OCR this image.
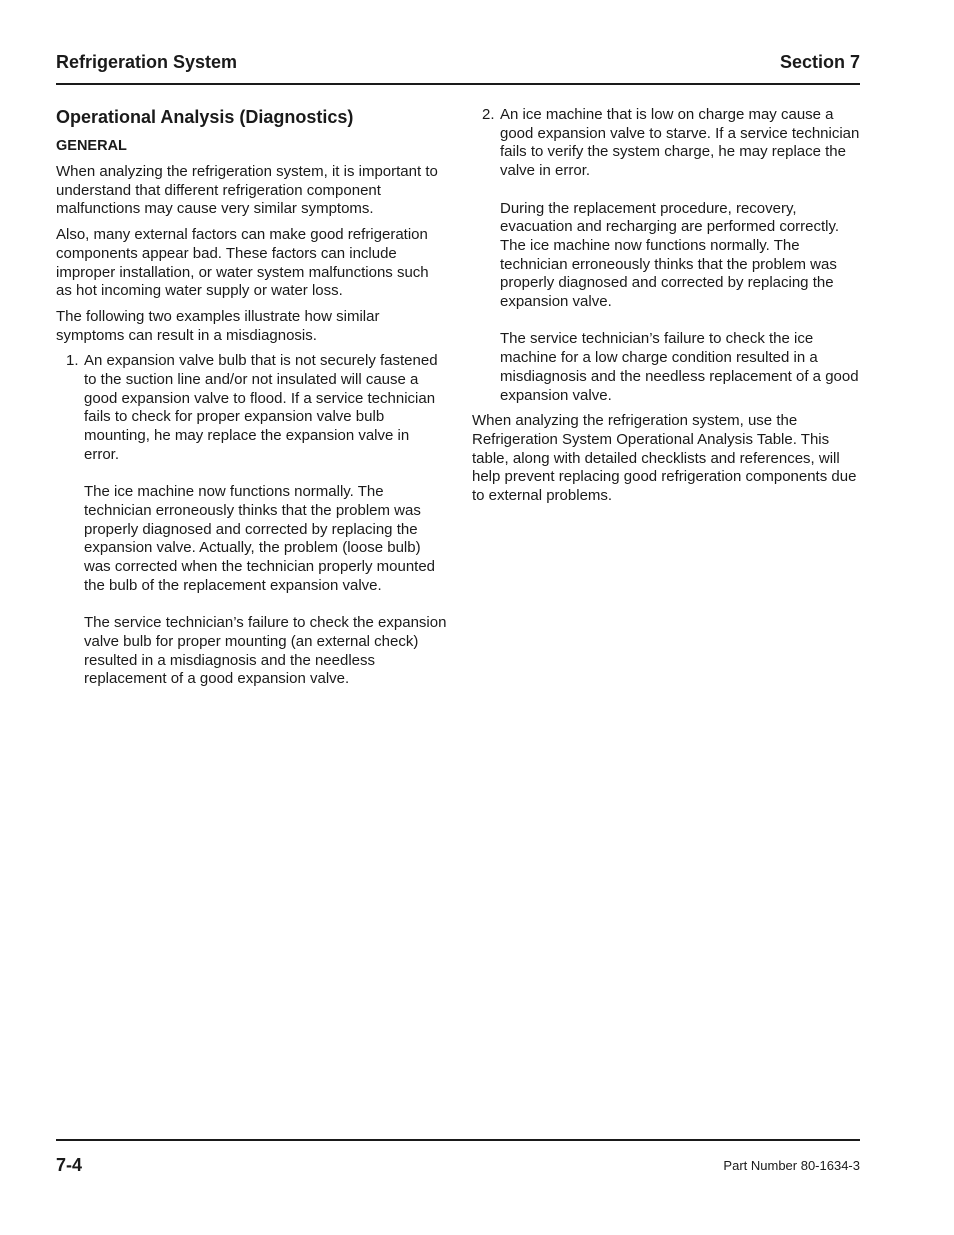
Refrigeration System	Section 7
Operational Analysis (Diagnostics)
GENERAL

When analyzing the refrigeration system, it is important to understand that different refrigeration component malfunctions may cause very similar symptoms.

Also, many external factors can make good refrigeration components appear bad. These factors can include improper installation, or water system malfunctions such as hot incoming water supply or water loss.

The following two examples illustrate how similar symptoms can result in a misdiagnosis.

1. An expansion valve bulb that is not securely fastened to the suction line and/or not insulated will cause a good expansion valve to flood. If a service technician fails to check for proper expansion valve bulb mounting, he may replace the expansion valve in error.

The ice machine now functions normally. The technician erroneously thinks that the problem was properly diagnosed and corrected by replacing the expansion valve. Actually, the problem (loose bulb) was corrected when the technician properly mounted the bulb of the replacement expansion valve.

The service technician’s failure to check the expansion valve bulb for proper mounting (an external check) resulted in a misdiagnosis and the needless replacement of a good expansion valve.

2. An ice machine that is low on charge may cause a good expansion valve to starve. If a service technician fails to verify the system charge, he may replace the valve in error.

During the replacement procedure, recovery, evacuation and recharging are performed correctly. The ice machine now functions normally. The technician erroneously thinks that the problem was properly diagnosed and corrected by replacing the expansion valve.

The service technician’s failure to check the ice machine for a low charge condition resulted in a misdiagnosis and the needless replacement of a good expansion valve.

When analyzing the refrigeration system, use the Refrigeration System Operational Analysis Table. This table, along with detailed checklists and references, will help prevent replacing good refrigeration components due to external problems.

7-4	Part Number 80-1634-3
